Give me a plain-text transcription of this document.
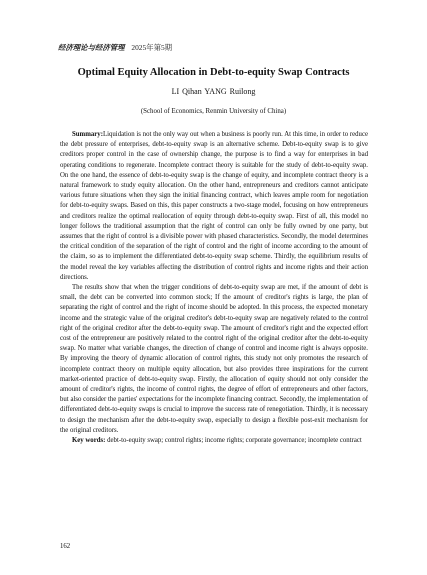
经济理论与经济管理 2025年第5期
Optimal Equity Allocation in Debt-to-equity Swap Contracts
LI Qihan YANG Ruilong
(School of Economics, Renmin University of China)

Summary:Liquidation is not the only way out when a business is poorly run. At this time, in order to reduce the debt pressure of enterprises, debt-to-equity swap is an alternative scheme. Debt-to-equity swap is to give creditors proper control in the case of ownership change, the purpose is to find a way for enterprises in bad operating conditions to regenerate. Incomplete contract theory is suitable for the study of debt-to-equity swap. On the one hand, the essence of debt-to-equity swap is the change of equity, and incomplete contract theory is a natural framework to study equity allocation. On the other hand, entrepreneurs and creditors cannot anticipate various future situations when they sign the initial financing contract, which leaves ample room for negotiation for debt-to-equity swaps. Based on this, this paper constructs a two-stage model, focusing on how entrepreneurs and creditors realize the optimal reallocation of equity through debt-to-equity swap. First of all, this model no longer follows the traditional assumption that the right of control can only be fully owned by one party, but assumes that the right of control is a divisible power with phased characteristics. Secondly, the model determines the critical condition of the separation of the right of control and the right of income according to the amount of the claim, so as to implement the differentiated debt-to-equity swap scheme. Thirdly, the equilibrium results of the model reveal the key variables affecting the distribution of control rights and income rights and their action directions.

The results show that when the trigger conditions of debt-to-equity swap are met, if the amount of debt is small, the debt can be converted into common stock; If the amount of creditor's rights is large, the plan of separating the right of control and the right of income should be adopted. In this process, the expected monetary income and the strategic value of the original creditor's debt-to-equity swap are negatively related to the control right of the original creditor after the debt-to-equity swap. The amount of creditor's right and the expected effort cost of the entrepreneur are positively related to the control right of the original creditor after the debt-to-equity swap. No matter what variable changes, the direction of change of control and income right is always opposite. By improving the theory of dynamic allocation of control rights, this study not only promotes the research of incomplete contract theory on multiple equity allocation, but also provides three inspirations for the current market-oriented practice of debt-to-equity swap. Firstly, the allocation of equity should not only consider the amount of creditor's rights, the income of control rights, the degree of effort of entrepreneurs and other factors, but also consider the parties' expectations for the incomplete financing contract. Secondly, the implementation of differentiated debt-to-equity swaps is crucial to improve the success rate of renegotiation. Thirdly, it is necessary to design the mechanism after the debt-to-equity swap, especially to design a flexible post-exit mechanism for the original creditors.

Key words: debt-to-equity swap; control rights; income rights; corporate governance; incomplete contract

162
